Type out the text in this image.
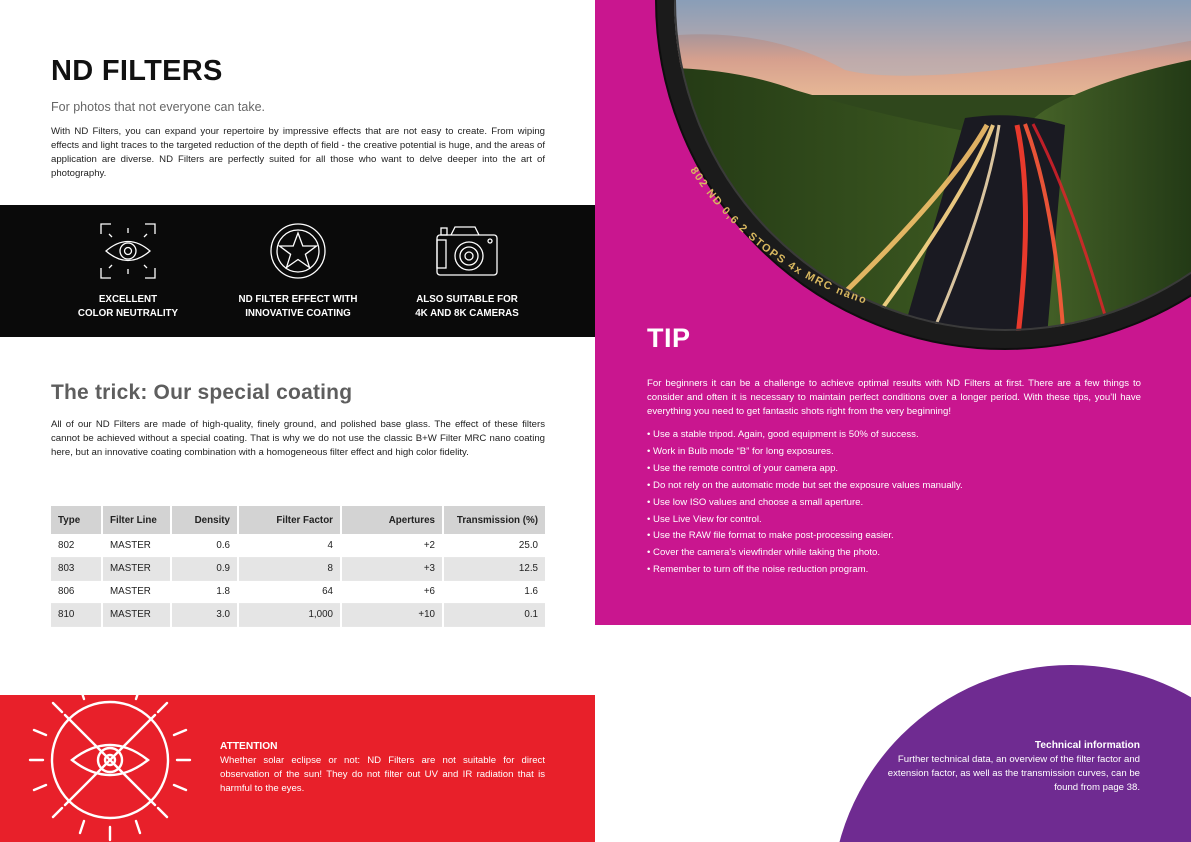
ND FILTERS

For photos that not everyone can take.

With ND Filters, you can expand your repertoire by impressive effects that are not easy to create. From wiping effects and light traces to the targeted reduction of the depth of field - the creative potential is huge, and the areas of application are diverse. ND Filters are perfectly suited for all those who want to delve deeper into the art of photography.

EXCELLENT
COLOR NEUTRALITY
ND FILTER EFFECT WITH
INNOVATIVE COATING
ALSO SUITABLE FOR
4K AND 8K CAMERAS
802 ND 0,6 2 STOPS 4x MRC nano
TIP

For beginners it can be a challenge to achieve optimal results with ND Filters at first. There are a few things to consider and often it is necessary to maintain perfect conditions over a longer period. With these tips, you’ll have everything you need to get fantastic shots right from the very beginning!

• Use a stable tripod. Again, good equipment is 50% of success.
• Work in Bulb mode “B” for long exposures.
• Use the remote control of your camera app.
• Do not rely on the automatic mode but set the exposure values manually.
• Use low ISO values and choose a small aperture.
• Use Live View for control.
• Use the RAW file format to make post-processing easier.
• Cover the camera’s viewfinder while taking the photo.
• Remember to turn off the noise reduction program.
The trick: Our special coating

All of our ND Filters are made of high-quality, finely ground, and polished base glass. The effect of these filters cannot be achieved without a special coating. That is why we do not use the classic B+W Filter MRC nano coating here, but an innovative coating combination with a homogeneous filter effect and high color fidelity.

Type	Filter Line	Density	Filter Factor	Apertures	Transmission (%)
802	MASTER	0.6	4	+2	25.0
803	MASTER	0.9	8	+3	12.5
806	MASTER	1.8	64	+6	1.6
810	MASTER	3.0	1,000	+10	0.1
ATTENTION

Whether solar eclipse or not: ND Filters are not suitable for direct observation of the sun! They do not filter out UV and IR radiation that is harmful to the eyes.

Technical information

Further technical data, an overview of the filter factor and extension factor, as well as the transmission curves, can be found from page 38.
